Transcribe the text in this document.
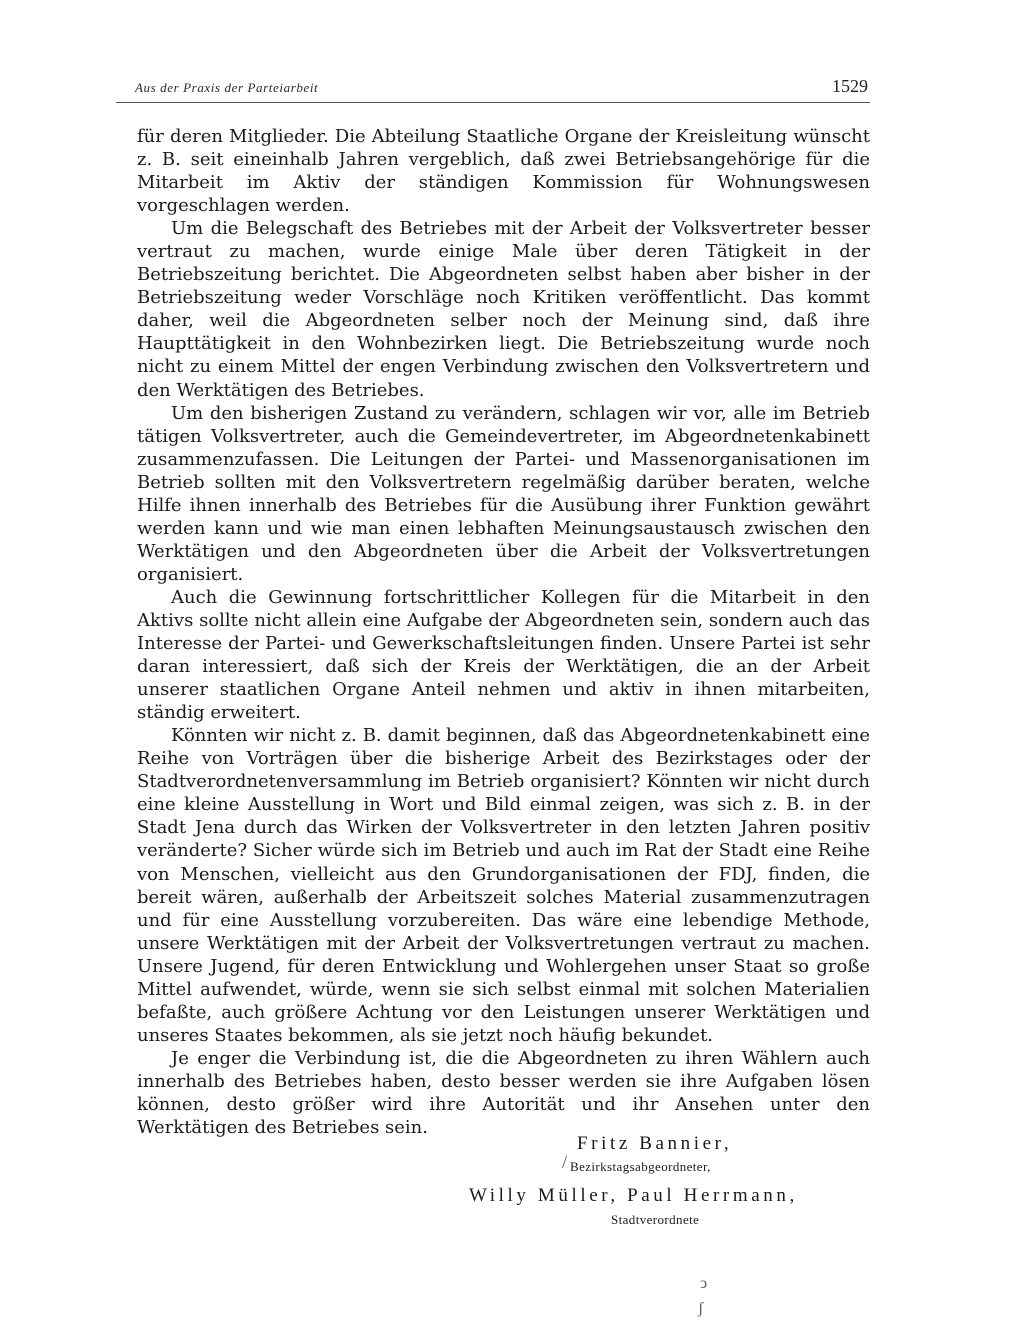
Aus der Praxis der Parteiarbeit	1529

für deren Mitglieder. Die Abteilung Staatliche Organe der Kreisleitung wünscht z. B. seit eineinhalb Jahren vergeblich, daß zwei Betriebsangehörige für die Mitarbeit im Aktiv der ständigen Kommission für Wohnungswesen vorgeschlagen werden.

Um die Belegschaft des Betriebes mit der Arbeit der Volksvertreter besser vertraut zu machen, wurde einige Male über deren Tätigkeit in der Betriebszeitung berichtet. Die Abgeordneten selbst haben aber bisher in der Betriebszeitung weder Vorschläge noch Kritiken veröffentlicht. Das kommt daher, weil die Abgeordneten selber noch der Meinung sind, daß ihre Haupttätigkeit in den Wohnbezirken liegt. Die Betriebszeitung wurde noch nicht zu einem Mittel der engen Verbindung zwischen den Volksvertretern und den Werktätigen des Betriebes.

Um den bisherigen Zustand zu verändern, schlagen wir vor, alle im Betrieb tätigen Volksvertreter, auch die Gemeindevertreter, im Abgeordnetenkabinett zusammenzufassen. Die Leitungen der Partei- und Massenorganisationen im Betrieb sollten mit den Volksvertretern regelmäßig darüber beraten, welche Hilfe ihnen innerhalb des Betriebes für die Ausübung ihrer Funktion gewährt werden kann und wie man einen lebhaften Meinungsaustausch zwischen den Werktätigen und den Abgeordneten über die Arbeit der Volksvertretungen organisiert.

Auch die Gewinnung fortschrittlicher Kollegen für die Mitarbeit in den Aktivs sollte nicht allein eine Aufgabe der Abgeordneten sein, sondern auch das Interesse der Partei- und Gewerkschaftsleitungen finden. Unsere Partei ist sehr daran interessiert, daß sich der Kreis der Werktätigen, die an der Arbeit unserer staatlichen Organe Anteil nehmen und aktiv in ihnen mitarbeiten, ständig erweitert.

Könnten wir nicht z. B. damit beginnen, daß das Abgeordnetenkabinett eine Reihe von Vorträgen über die bisherige Arbeit des Bezirkstages oder der Stadtverordnetenversammlung im Betrieb organisiert? Könnten wir nicht durch eine kleine Ausstellung in Wort und Bild einmal zeigen, was sich z. B. in der Stadt Jena durch das Wirken der Volksvertreter in den letzten Jahren positiv veränderte? Sicher würde sich im Betrieb und auch im Rat der Stadt eine Reihe von Menschen, vielleicht aus den Grundorganisationen der FDJ, finden, die bereit wären, außerhalb der Arbeitszeit solches Material zusammenzutragen und für eine Ausstellung vorzubereiten. Das wäre eine lebendige Methode, unsere Werktätigen mit der Arbeit der Volksvertretungen vertraut zu machen. Unsere Jugend, für deren Entwicklung und Wohlergehen unser Staat so große Mittel aufwendet, würde, wenn sie sich selbst einmal mit solchen Materialien befaßte, auch größere Achtung vor den Leistungen unserer Werktätigen und unseres Staates bekommen, als sie jetzt noch häufig bekundet.

Je enger die Verbindung ist, die die Abgeordneten zu ihren Wählern auch innerhalb des Betriebes haben, desto besser werden sie ihre Aufgaben lösen können, desto größer wird ihre Autorität und ihr Ansehen unter den Werktätigen des Betriebes sein.

Fritz Bannier,
Bezirkstagsabgeordneter,
Willy Müller, Paul Herrmann,
Stadtverordnete
/
ͻ
ʃ
